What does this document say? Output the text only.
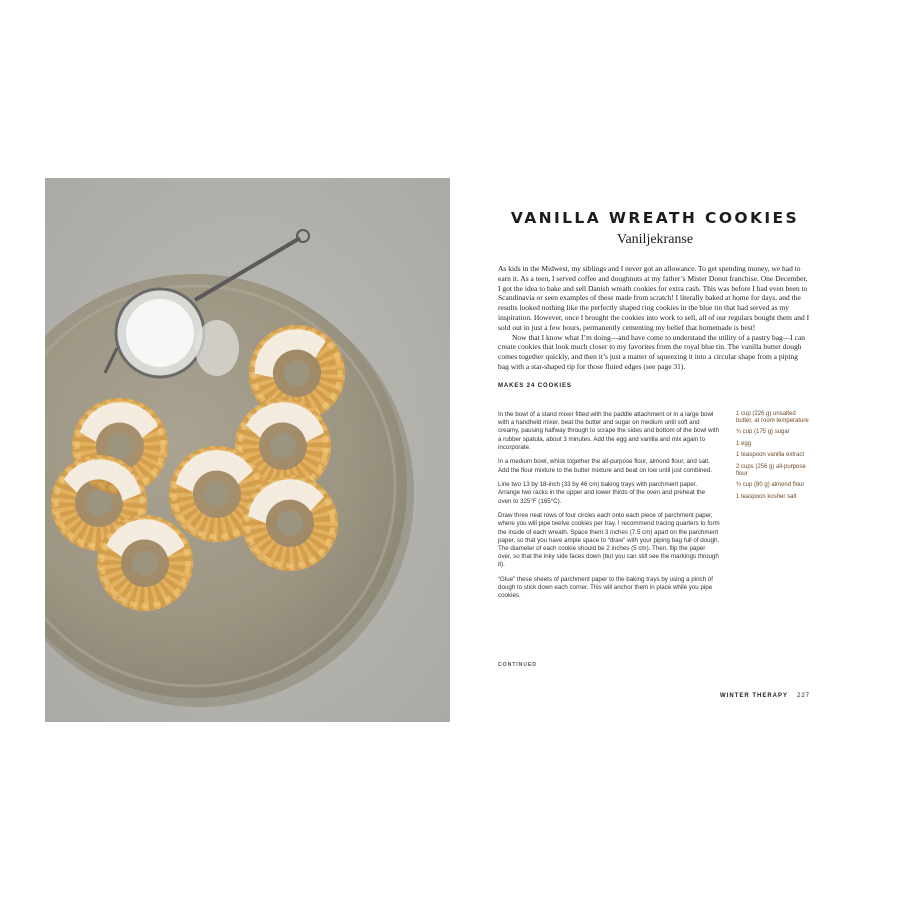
VANILLA WREATH COOKIES
Vaniljekranse

As kids in the Midwest, my siblings and I never got an allowance. To get spending money, we had to earn it. As a teen, I served coffee and doughnuts at my father’s Mister Donut franchise. One December, I got the idea to bake and sell Danish wreath cookies for extra cash. This was before I had even been to Scandinavia or seen examples of these made from scratch! I literally baked at home for days, and the results looked nothing like the perfectly shaped ring cookies in the blue tin that had served as my inspiration. However, once I brought the cookies into work to sell, all of our regulars bought them and I sold out in just a few hours, permanently cementing my belief that homemade is best!

Now that I know what I’m doing—and have come to understand the utility of a pastry bag—I can create cookies that look much closer to my favorites from the royal blue tin. The vanilla butter dough comes together quickly, and then it’s just a matter of squeezing it into a circular shape from a piping bag with a star-shaped tip for those fluted edges (see page 31).

MAKES 24 COOKIES

In the bowl of a stand mixer fitted with the paddle attachment or in a large bowl with a handheld mixer, beat the butter and sugar on medium until soft and creamy, pausing halfway through to scrape the sides and bottom of the bowl with a rubber spatula, about 3 minutes. Add the egg and vanilla and mix again to incorporate.

In a medium bowl, whisk together the all-purpose flour, almond flour, and salt. Add the flour mixture to the butter mixture and beat on low until just combined.

Line two 13 by 18-inch (33 by 46 cm) baking trays with parchment paper. Arrange two racks in the upper and lower thirds of the oven and preheat the oven to 325°F (165°C).

Draw three neat rows of four circles each onto each piece of parchment paper, where you will pipe twelve cookies per tray. I recommend tracing quarters to form the inside of each wreath. Space them 3 inches (7.5 cm) apart on the parchment paper, so that you have ample space to “draw” with your piping bag full of dough. The diameter of each cookie should be 2 inches (5 cm). Then, flip the paper over, so that the inky side faces down (but you can still see the markings through it).

“Glue” these sheets of parchment paper to the baking trays by using a pinch of dough to stick down each corner. This will anchor them in place while you pipe cookies.

1 cup (226 g) unsalted butter, at room temperature
¾ cup (175 g) sugar
1 egg
1 teaspoon vanilla extract
2 cups (256 g) all-purpose flour
¾ cup (80 g) almond flour
1 teaspoon kosher salt
CONTINUED
WINTER THERAPY 227
